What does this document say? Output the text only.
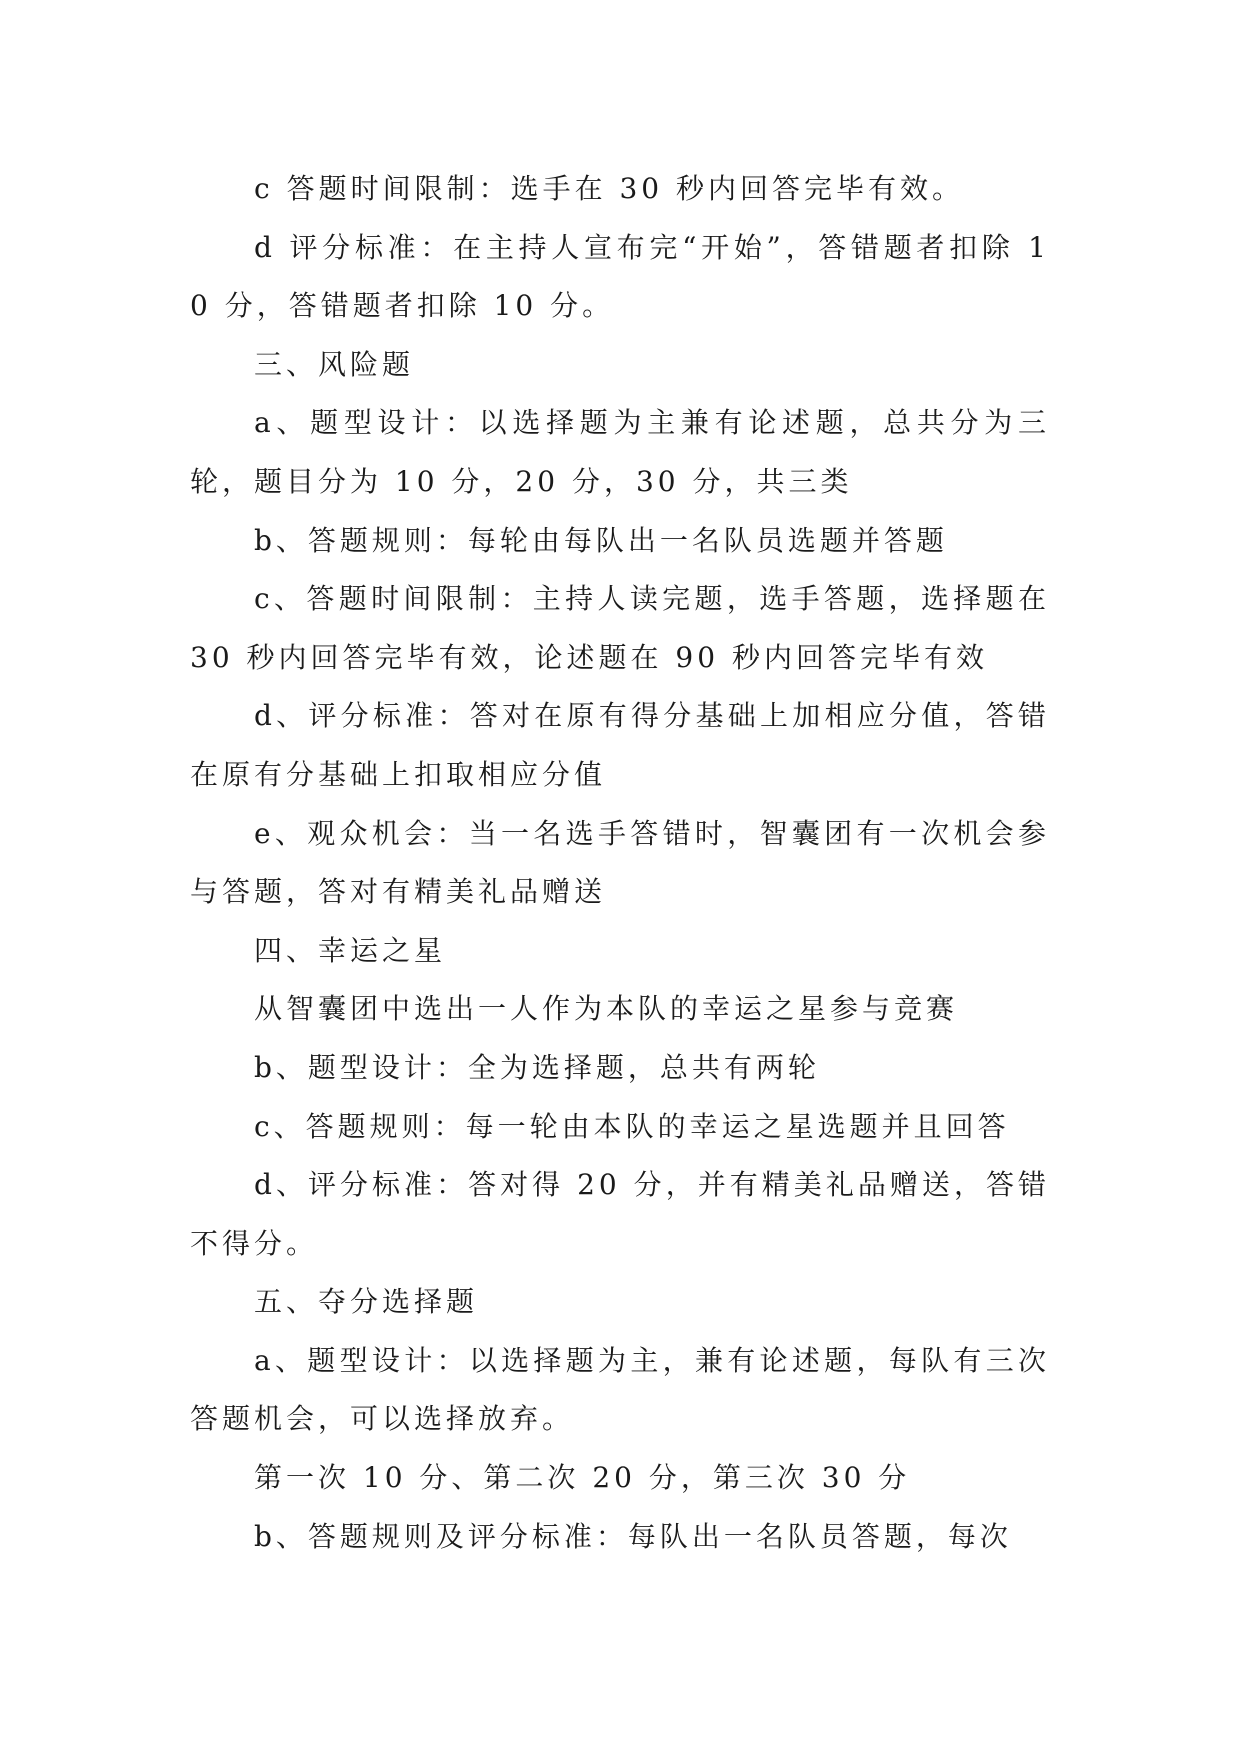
c 答题时间限制：选手在 30 秒内回答完毕有效。

d 评分标准：在主持人宣布完“开始”，答错题者扣除 10 分，答错题者扣除 10 分。

三、风险题

a、题型设计：以选择题为主兼有论述题，总共分为三轮，题目分为 10 分，20 分，30 分，共三类

b、答题规则：每轮由每队出一名队员选题并答题

c、答题时间限制：主持人读完题，选手答题，选择题在 30 秒内回答完毕有效，论述题在 90 秒内回答完毕有效

d、评分标准：答对在原有得分基础上加相应分值，答错在原有分基础上扣取相应分值

e、观众机会：当一名选手答错时，智囊团有一次机会参与答题，答对有精美礼品赠送

四、幸运之星

从智囊团中选出一人作为本队的幸运之星参与竞赛

b、题型设计：全为选择题，总共有两轮

c、答题规则：每一轮由本队的幸运之星选题并且回答

d、评分标准：答对得 20 分，并有精美礼品赠送，答错不得分。

五、夺分选择题

a、题型设计：以选择题为主，兼有论述题，每队有三次答题机会，可以选择放弃。

第一次 10 分、第二次 20 分，第三次 30 分

b、答题规则及评分标准：每队出一名队员答题，每次
